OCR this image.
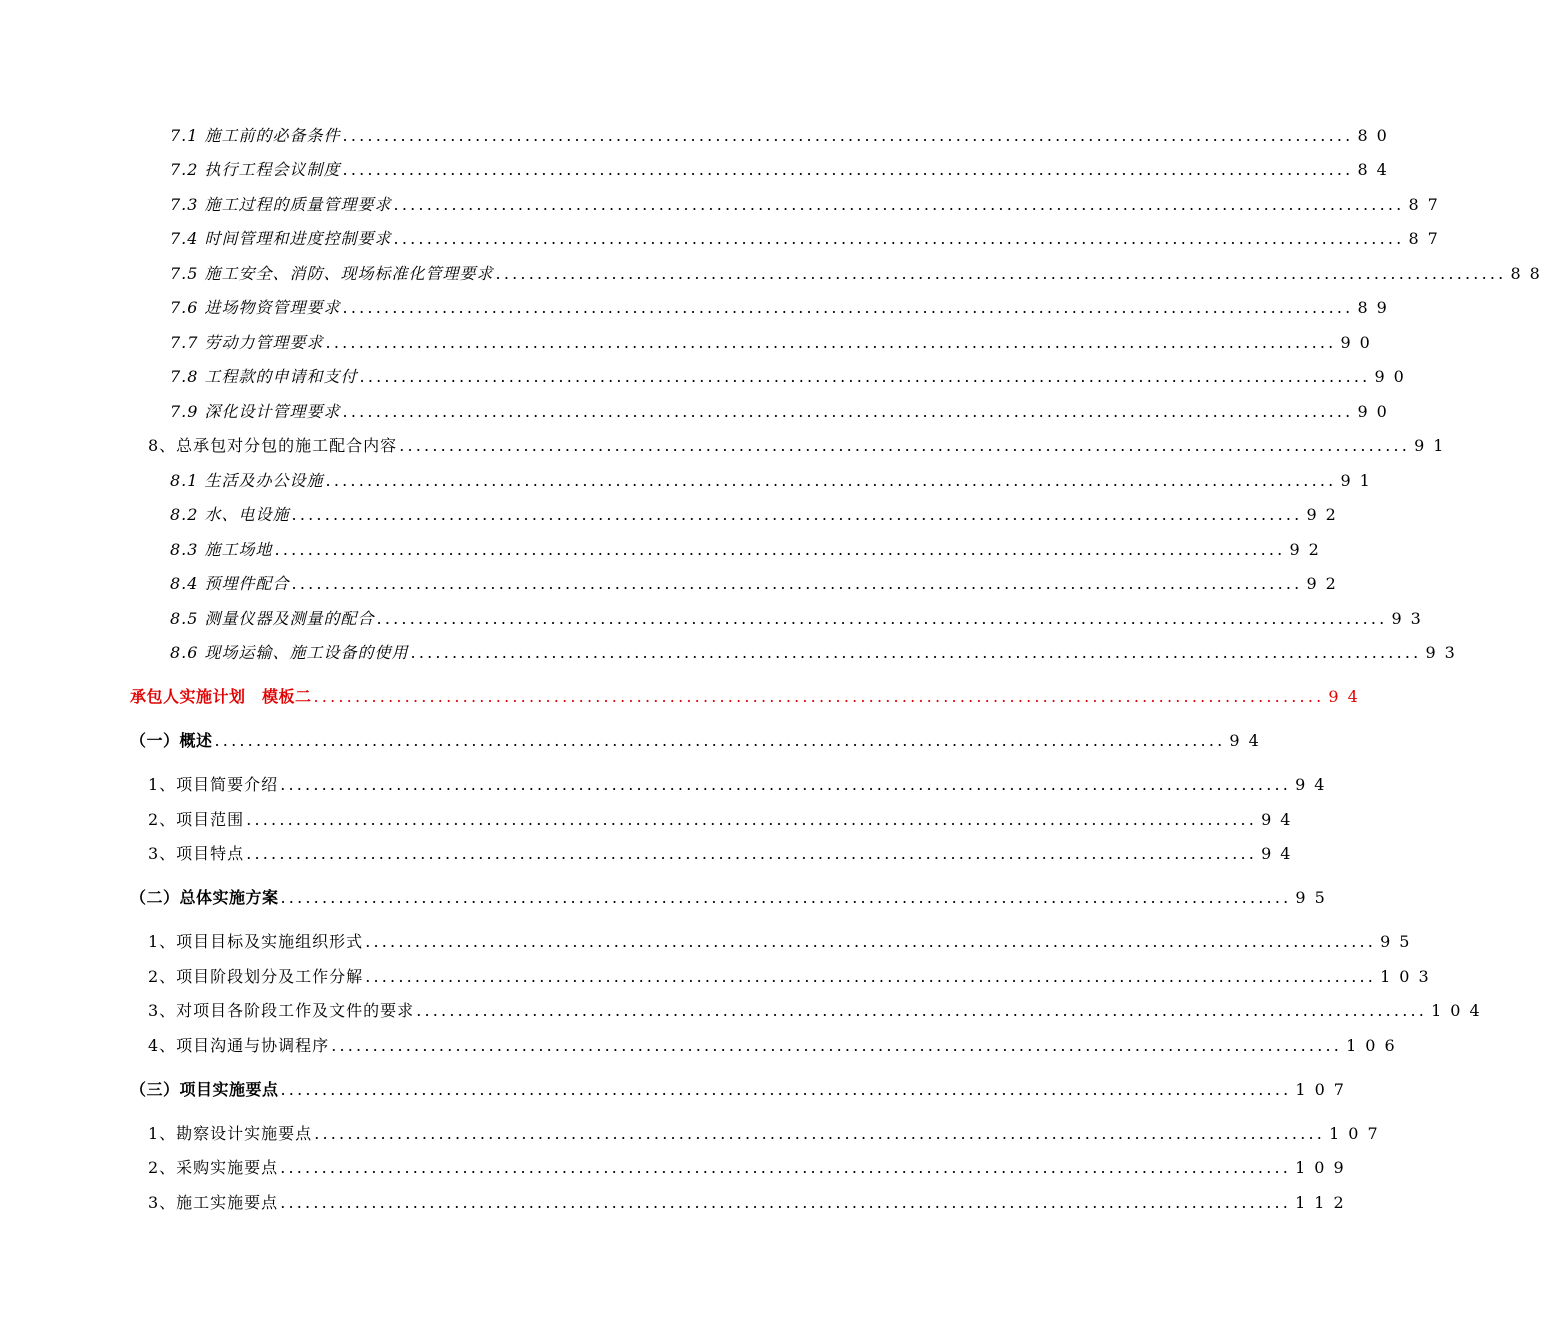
7.1 施工前的必备条件 .......................................................................................................................... 80
7.2 执行工程会议制度 .......................................................................................................................... 84
7.3 施工过程的质量管理要求 .......................................................................................................................... 87
7.4 时间管理和进度控制要求 .......................................................................................................................... 87
7.5 施工安全、消防、现场标准化管理要求 .......................................................................................................................... 88
7.6 进场物资管理要求 .......................................................................................................................... 89
7.7 劳动力管理要求 .......................................................................................................................... 90
7.8 工程款的申请和支付 .......................................................................................................................... 90
7.9 深化设计管理要求 .......................................................................................................................... 90
8、总承包对分包的施工配合内容 .......................................................................................................................... 91
8.1 生活及办公设施 .......................................................................................................................... 91
8.2 水、电设施 .......................................................................................................................... 92
8.3 施工场地 .......................................................................................................................... 92
8.4 预埋件配合 .......................................................................................................................... 92
8.5 测量仪器及测量的配合 .......................................................................................................................... 93
8.6 现场运输、施工设备的使用 .......................................................................................................................... 93
承包人实施计划　模板二 .......................................................................................................................... 94
（一）概述 .......................................................................................................................... 94
1、项目简要介绍 .......................................................................................................................... 94
2、项目范围 .......................................................................................................................... 94
3、项目特点 .......................................................................................................................... 94
（二）总体实施方案 .......................................................................................................................... 95
1、项目目标及实施组织形式 .......................................................................................................................... 95
2、项目阶段划分及工作分解 .......................................................................................................................... 103
3、对项目各阶段工作及文件的要求 .......................................................................................................................... 104
4、项目沟通与协调程序 .......................................................................................................................... 106
（三）项目实施要点 .......................................................................................................................... 107
1、勘察设计实施要点 .......................................................................................................................... 107
2、采购实施要点 .......................................................................................................................... 109
3、施工实施要点 .......................................................................................................................... 112
